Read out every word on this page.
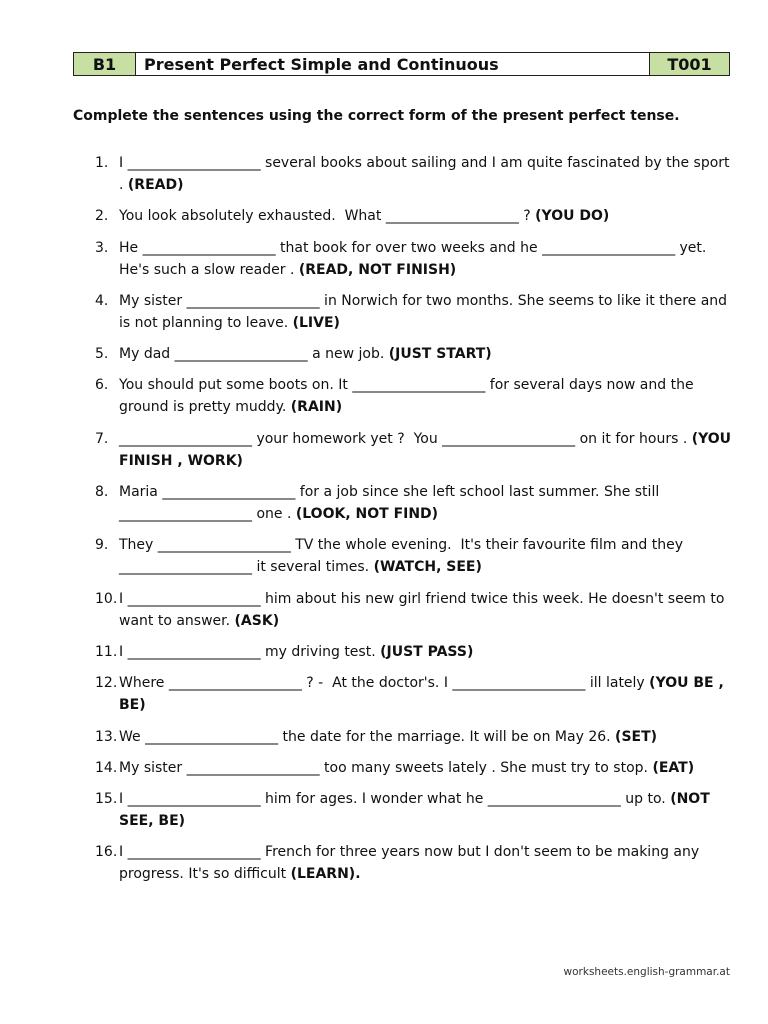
B1	Present Perfect Simple and Continuous	T001
Complete the sentences using the correct form of the present perfect tense.
1. I ___________________ several books about sailing and I am quite fascinated by the sport . (READ)
2. You look absolutely exhausted.  What ___________________ ? (YOU DO)
3. He ___________________ that book for over two weeks and he ___________________ yet. He's such a slow reader . (READ, NOT FINISH)
4. My sister ___________________ in Norwich for two months. She seems to like it there and is not planning to leave. (LIVE)
5. My dad ___________________ a new job. (JUST START)
6. You should put some boots on. It ___________________ for several days now and the ground is pretty muddy. (RAIN)
7. ___________________ your homework yet ?  You ___________________ on it for hours . (YOU FINISH , WORK)
8. Maria ___________________ for a job since she left school last summer. She still ___________________ one . (LOOK, NOT FIND)
9. They ___________________ TV the whole evening.  It's their favourite film and they ___________________ it several times. (WATCH, SEE)
10. I ___________________ him about his new girl friend twice this week. He doesn't seem to want to answer. (ASK)
11. I ___________________ my driving test. (JUST PASS)
12. Where ___________________ ? -  At the doctor's. I ___________________ ill lately (YOU BE , BE)
13. We ___________________ the date for the marriage. It will be on May 26. (SET)
14. My sister ___________________ too many sweets lately . She must try to stop. (EAT)
15. I ___________________ him for ages. I wonder what he ___________________ up to. (NOT SEE, BE)
16. I ___________________ French for three years now but I don't seem to be making any progress. It's so difficult (LEARN).
worksheets.english-grammar.at
